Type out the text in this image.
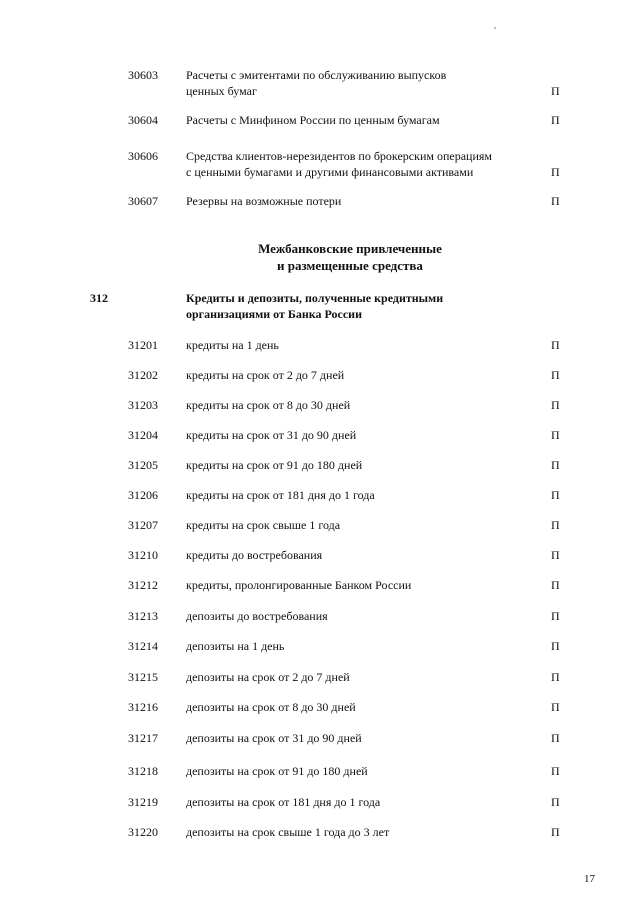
30603 Расчеты с эмитентами по обслуживанию выпусков
ценных бумаг	П
30604 Расчеты с Минфином России по ценным бумагам	П
30606 Средства клиентов-нерезидентов по брокерским операциям
с ценными бумагами и другими финансовыми активами	П
30607 Резервы на возможные потери	П
Межбанковские привлеченные
и размещенные средства
312	Кредиты и депозиты, полученные кредитными
организациями от Банка России
31201 кредиты на 1 день	П
31202 кредиты на срок от 2 до 7 дней	П
31203 кредиты на срок от 8 до 30 дней	П
31204 кредиты на срок от 31 до 90 дней	П
31205 кредиты на срок от 91 до 180 дней	П
31206 кредиты на срок от 181 дня до 1 года	П
31207 кредиты на срок свыше 1 года	П
31210 кредиты до востребования	П
31212 кредиты, пролонгированные Банком России	П
31213 депозиты до востребования	П
31214 депозиты на 1 день	П
31215 депозиты на срок от 2 до 7 дней	П
31216 депозиты на срок от 8 до 30 дней	П
31217 депозиты на срок от 31 до 90 дней	П
31218 депозиты на срок от 91 до 180 дней	П
31219 депозиты на срок от 181 дня до 1 года	П
31220 депозиты на срок свыше 1 года до 3 лет	П
17
